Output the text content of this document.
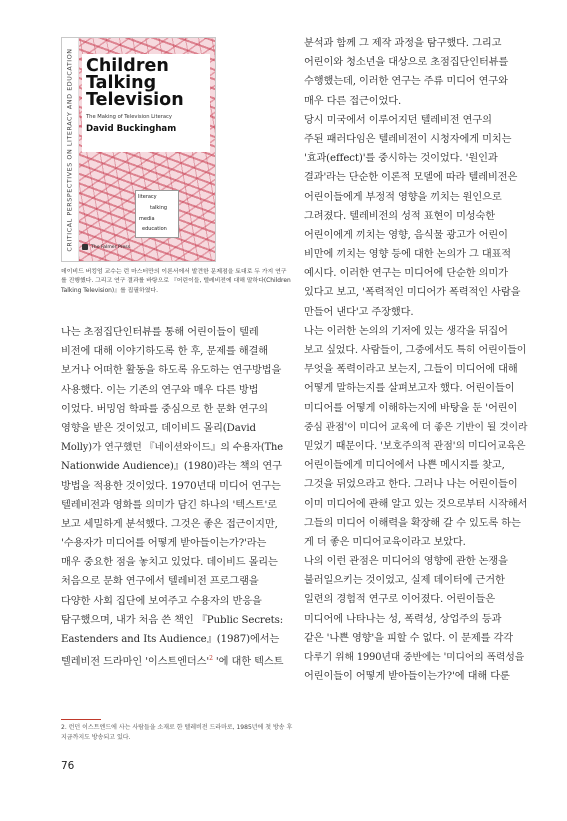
CRITICAL PERSPECTIVES ON LITERACY AND EDUCATION Children
Talking
Television
The Making of Television Literacy
David Buckingham
literacy
talking
media
education
The Falmer Press
데이비드 버킹엄 교수는 런 마스터만의 이론서에서 발견한 문제점을 토대로 두 가지 연구를 진행했다. 그리고 연구 결과를 바탕으로 『어린이들, 텔레비전에 대해 말하다(Children Talking Television)』를 집필하였다.
나는 초점집단인터뷰를 통해 어린이들이 텔레
비전에 대해 이야기하도록 한 후, 문제를 해결해
보거나 어떠한 활동을 하도록 유도하는 연구방법을
사용했다. 이는 기존의 연구와 매우 다른 방법
이었다. 버밍엄 학파를 중심으로 한 문화 연구의
영향을 받은 것이었고, 데이비드 몰리(David
Molly)가 연구했던 『네이션와이드』의 수용자(The
Nationwide Audience)』(1980)라는 책의 연구
방법을 적용한 것이었다. 1970년대 미디어 연구는
텔레비전과 영화를 의미가 담긴 하나의 '텍스트'로
보고 세밀하게 분석했다. 그것은 좋은 접근이지만,
'수용자가 미디어를 어떻게 받아들이는가?'라는
매우 중요한 점을 놓치고 있었다. 데이비드 몰리는
처음으로 문화 연구에서 텔레비전 프로그램을
다양한 사회 집단에 보여주고 수용자의 반응을
탐구했으며, 내가 처음 쓴 책인 『Public Secrets:
Eastenders and Its Audience』(1987)에서는
텔레비전 드라마인 '이스트엔더스'$^2$ '에 대한 텍스트
분석과 함께 그 제작 과정을 탐구했다. 그리고
어린이와 청소년을 대상으로 초점집단인터뷰를
수행했는데, 이러한 연구는 주류 미디어 연구와
매우 다른 접근이었다.
당시 미국에서 이루어지던 텔레비전 연구의
주된 패러다임은 텔레비전이 시청자에게 미치는
'효과(effect)'를 중시하는 것이었다. '원인과
결과'라는 단순한 이론적 모델에 따라 텔레비전은
어린이들에게 부정적 영향을 끼치는 원인으로
그려졌다. 텔레비전의 성적 표현이 미성숙한
어린이에게 끼치는 영향, 음식물 광고가 어린이
비만에 끼치는 영향 등에 대한 논의가 그 대표적
예시다. 이러한 연구는 미디어에 단순한 의미가
있다고 보고, '폭력적인 미디어가 폭력적인 사람을
만들어 낸다'고 주장했다.
나는 이러한 논의의 기저에 있는 생각을 뒤집어
보고 싶었다. 사람들이, 그중에서도 특히 어린이들이
무엇을 폭력이라고 보는지, 그들이 미디어에 대해
어떻게 말하는지를 살펴보고자 했다. 어린이들이
미디어를 어떻게 이해하는지에 바탕을 둔 '어린이
중심 관점'이 미디어 교육에 더 좋은 기반이 될 것이라
믿었기 때문이다. '보호주의적 관점'의 미디어교육은
어린이들에게 미디어에서 나쁜 메시지를 찾고,
그것을 뒤었으라고 한다. 그러나 나는 어린이들이
이미 미디어에 관해 알고 있는 것으로부터 시작해서
그들의 미디어 이해력을 확장해 갈 수 있도록 하는
게 더 좋은 미디어교육이라고 보았다.
나의 이런 관점은 미디어의 영향에 관한 논쟁을
불러일으키는 것이었고, 실제 데이터에 근거한
일련의 경험적 연구로 이어졌다. 어린이들은
미디어에 나타나는 성, 폭력성, 상업주의 등과
같은 '나쁜 영향'을 피할 수 없다. 이 문제를 각각
다루기 위해 1990년대 중반에는 '미디어의 폭력성을
어린이들이 어떻게 받아들이는가?'에 대해 다룬
2. 런던 이스트엔드에 사는 사람들을 소재로 한 텔레비전 드라마로, 1985년에 첫 방송 후 지금까지도 방송되고 있다.
76
